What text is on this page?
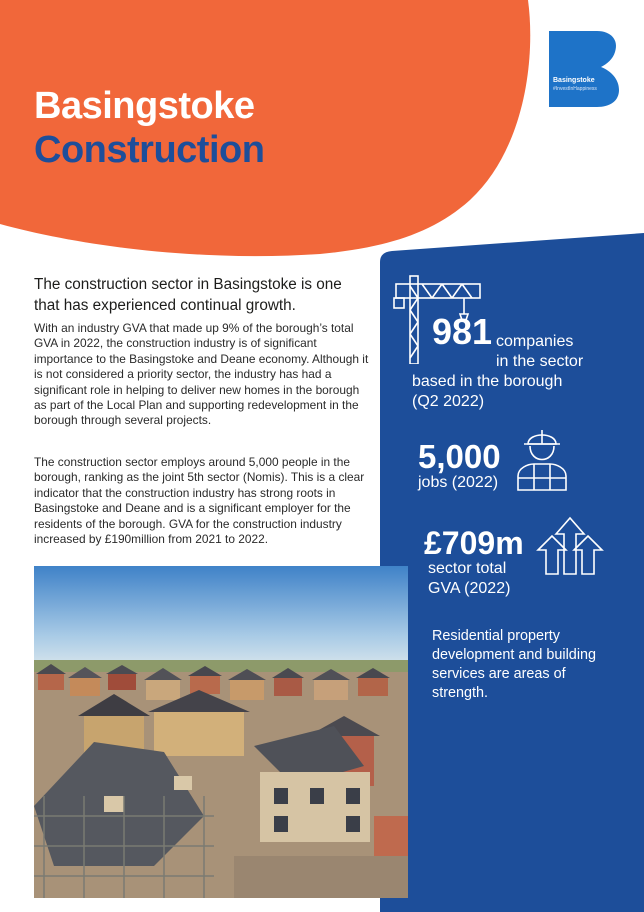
Basingstoke
#InvestInHappiness
Basingstoke
Construction

The construction sector in Basingstoke is one that has experienced continual growth.

With an industry GVA that made up 9% of the borough’s total GVA in 2022, the construction industry is of significant importance to the Basingstoke and Deane economy. Although it is not considered a priority sector, the industry has had a significant role in helping to deliver new homes in the borough as part of the Local Plan and supporting redevelopment in the borough through several projects.

The construction sector employs around 5,000 people in the borough, ranking as the joint 5th sector (Nomis). This is a clear indicator that the construction industry has strong roots in Basingstoke and Deane and is a significant employer for the residents of the borough. GVA for the construction industry increased by £190million from 2021 to 2022.

981 companies
in the sector
based in the borough
(Q2 2022)
5,000
jobs (2022)
£709m
sector total
GVA (2022)

Residential property development and building services are areas of strength.
